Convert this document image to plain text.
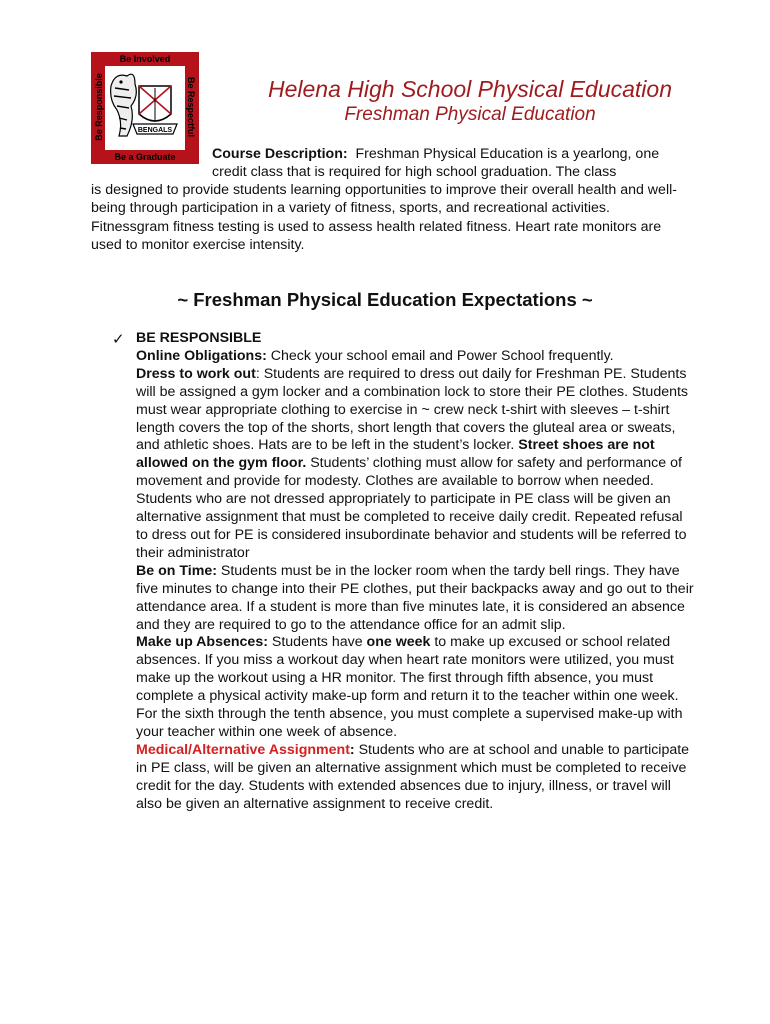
Be Involved
Be Responsible	Be Respectful
BENGALS
Be a Graduate
Helena High School Physical Education
Freshman Physical Education
Course Description: Freshman Physical Education is a yearlong, one credit class that is required for high school graduation. The class
is designed to provide students learning opportunities to improve their overall health and well-being through participation in a variety of fitness, sports, and recreational activities. Fitnessgram fitness testing is used to assess health related fitness. Heart rate monitors are used to monitor exercise intensity.
~ Freshman Physical Education Expectations ~
✓ BE RESPONSIBLE
Online Obligations: Check your school email and Power School frequently.
Dress to work out: Students are required to dress out daily for Freshman PE. Students will be assigned a gym locker and a combination lock to store their PE clothes. Students must wear appropriate clothing to exercise in ~ crew neck t-shirt with sleeves – t-shirt length covers the top of the shorts, short length that covers the gluteal area or sweats, and athletic shoes. Hats are to be left in the student’s locker. Street shoes are not allowed on the gym floor. Students’ clothing must allow for safety and performance of movement and provide for modesty. Clothes are available to borrow when needed. Students who are not dressed appropriately to participate in PE class will be given an alternative assignment that must be completed to receive daily credit. Repeated refusal to dress out for PE is considered insubordinate behavior and students will be referred to their administrator
Be on Time: Students must be in the locker room when the tardy bell rings. They have five minutes to change into their PE clothes, put their backpacks away and go out to their attendance area. If a student is more than five minutes late, it is considered an absence and they are required to go to the attendance office for an admit slip.
Make up Absences: Students have one week to make up excused or school related absences. If you miss a workout day when heart rate monitors were utilized, you must make up the workout using a HR monitor. The first through fifth absence, you must complete a physical activity make-up form and return it to the teacher within one week. For the sixth through the tenth absence, you must complete a supervised make-up with your teacher within one week of absence.
Medical/Alternative Assignment: Students who are at school and unable to participate in PE class, will be given an alternative assignment which must be completed to receive credit for the day. Students with extended absences due to injury, illness, or travel will also be given an alternative assignment to receive credit.
